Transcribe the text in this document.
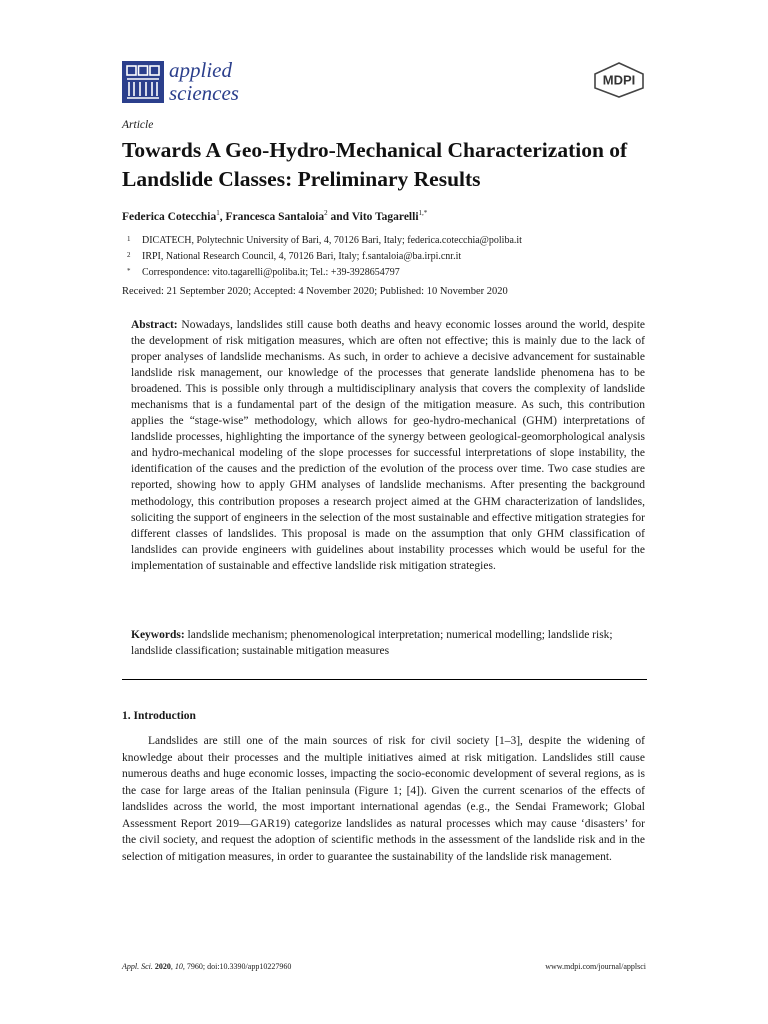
applied
sciences
MDPI
Article
Towards A Geo-Hydro-Mechanical Characterization of Landslide Classes: Preliminary Results
Federica Cotecchia$^1$, Francesca Santaloia$^2$ and Vito Tagarelli$^{1,*}$
1	DICATECH, Polytechnic University of Bari, 4, 70126 Bari, Italy; federica.cotecchia@poliba.it
2	IRPI, National Research Council, 4, 70126 Bari, Italy; f.santaloia@ba.irpi.cnr.it
*	Correspondence: vito.tagarelli@poliba.it; Tel.: +39-3928654797
Received: 21 September 2020; Accepted: 4 November 2020; Published: 10 November 2020

Abstract: Nowadays, landslides still cause both deaths and heavy economic losses around the world, despite the development of risk mitigation measures, which are often not effective; this is mainly due to the lack of proper analyses of landslide mechanisms. As such, in order to achieve a decisive advancement for sustainable landslide risk management, our knowledge of the processes that generate landslide phenomena has to be broadened. This is possible only through a multidisciplinary analysis that covers the complexity of landslide mechanisms that is a fundamental part of the design of the mitigation measure. As such, this contribution applies the “stage-wise” methodology, which allows for geo-hydro-mechanical (GHM) interpretations of landslide processes, highlighting the importance of the synergy between geological-geomorphological analysis and hydro-mechanical modeling of the slope processes for successful interpretations of slope instability, the identification of the causes and the prediction of the evolution of the process over time. Two case studies are reported, showing how to apply GHM analyses of landslide mechanisms. After presenting the background methodology, this contribution proposes a research project aimed at the GHM characterization of landslides, soliciting the support of engineers in the selection of the most sustainable and effective mitigation strategies for different classes of landslides. This proposal is made on the assumption that only GHM classification of landslides can provide engineers with guidelines about instability processes which would be useful for the implementation of sustainable and effective landslide risk mitigation strategies.

Keywords: landslide mechanism; phenomenological interpretation; numerical modelling; landslide risk; landslide classification; sustainable mitigation measures

1. Introduction

Landslides are still one of the main sources of risk for civil society [1–3], despite the widening of knowledge about their processes and the multiple initiatives aimed at risk mitigation. Landslides still cause numerous deaths and huge economic losses, impacting the socio-economic development of several regions, as is the case for large areas of the Italian peninsula (Figure 1; [4]). Given the current scenarios of the effects of landslides across the world, the most important international agendas (e.g., the Sendai Framework; Global Assessment Report 2019—GAR19) categorize landslides as natural processes which may cause ‘disasters’ for the civil society, and request the adoption of scientific methods in the assessment of the landslide risk and in the selection of mitigation measures, in order to guarantee the sustainability of the landslide risk management.

Appl. Sci. 2020, 10, 7960; doi:10.3390/app10227960	www.mdpi.com/journal/applsci
